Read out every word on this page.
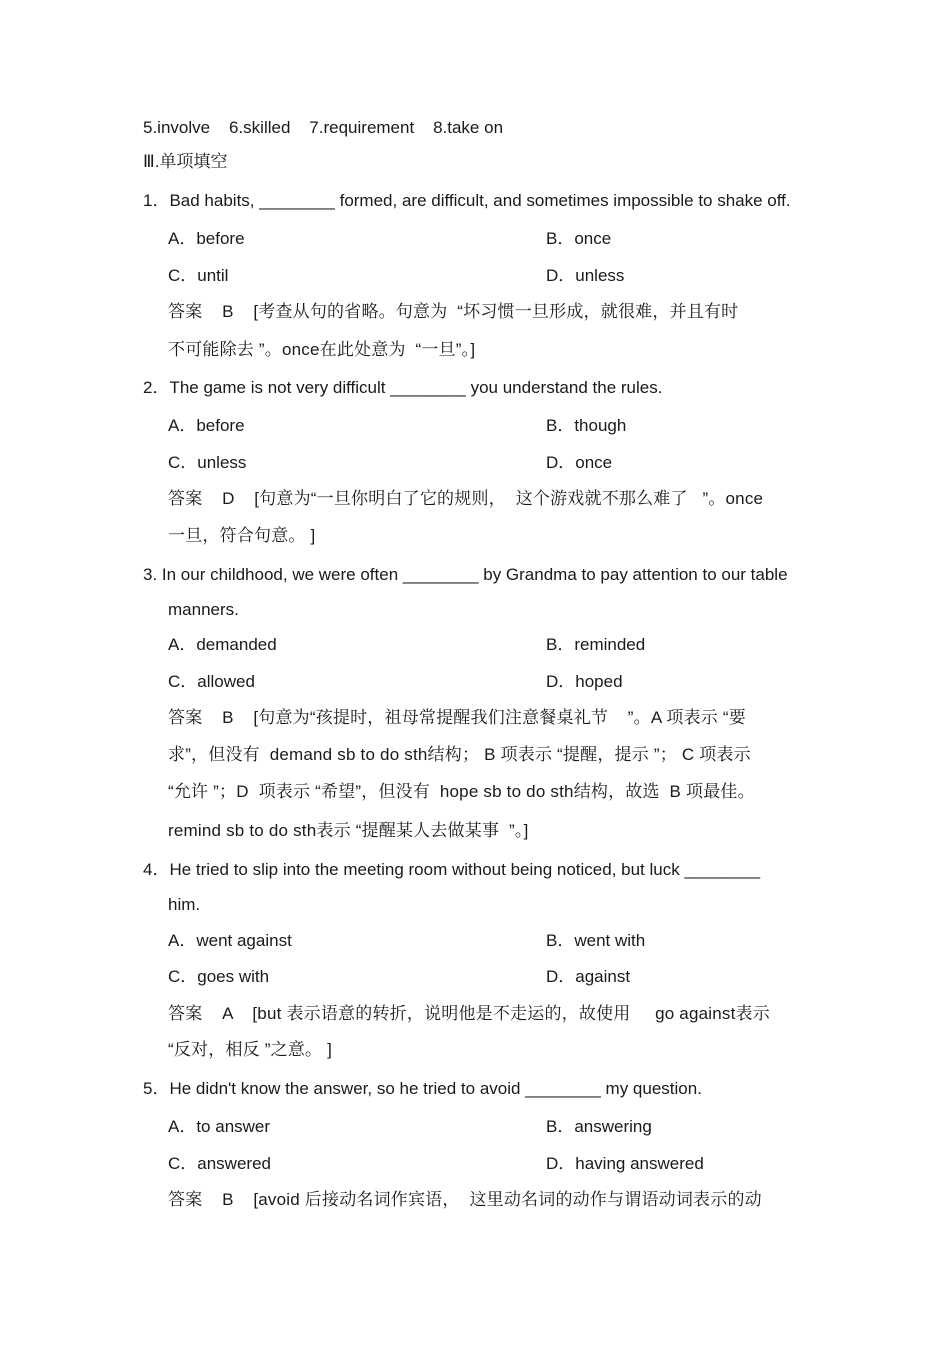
5.involve    6.skilled    7.requirement    8.take on
Ⅲ.单项填空
1．Bad habits, ________ formed, are difficult, and sometimes impossible to shake off.
A．before	B．once
C．until	D．unless
答案    B    [考查从句的省略。句意为  “坏习惯一旦形成，就很难，并且有时
不可能除去 ”。once在此处意为  “一旦”。]
2．The game is not very difficult ________ you understand the rules.
A．before	B．though
C．unless	D．once
答案    D    [句意为“一旦你明白了它的规则，  这个游戏就不那么难了   ”。once
一旦，符合句意。 ]
3. In our childhood, we were often ________ by Grandma to pay attention to our table
manners.
A．demanded	B．reminded
C．allowed	D．hoped
答案    B    [句意为“孩提时，祖母常提醒我们注意餐桌礼节    ”。A 项表示 “要
求”，但没有  demand sb to do sth结构； B 项表示 “提醒，提示 ”； C 项表示
“允许 ”；D  项表示 “希望”，但没有  hope sb to do sth结构，故选  B 项最佳。
remind sb to do sth表示 “提醒某人去做某事  ”。]
4．He tried to slip into the meeting room without being noticed, but luck ________
him.
A．went against	B．went with
C．goes with	D．against
答案    A    [but 表示语意的转折，说明他是不走运的，故使用     go against表示
“反对，相反 ”之意。 ]
5．He didn't know the answer, so he tried to avoid ________ my question.
A．to answer	B．answering
C．answered	D．having answered
答案    B    [avoid 后接动名词作宾语，  这里动名词的动作与谓语动词表示的动
